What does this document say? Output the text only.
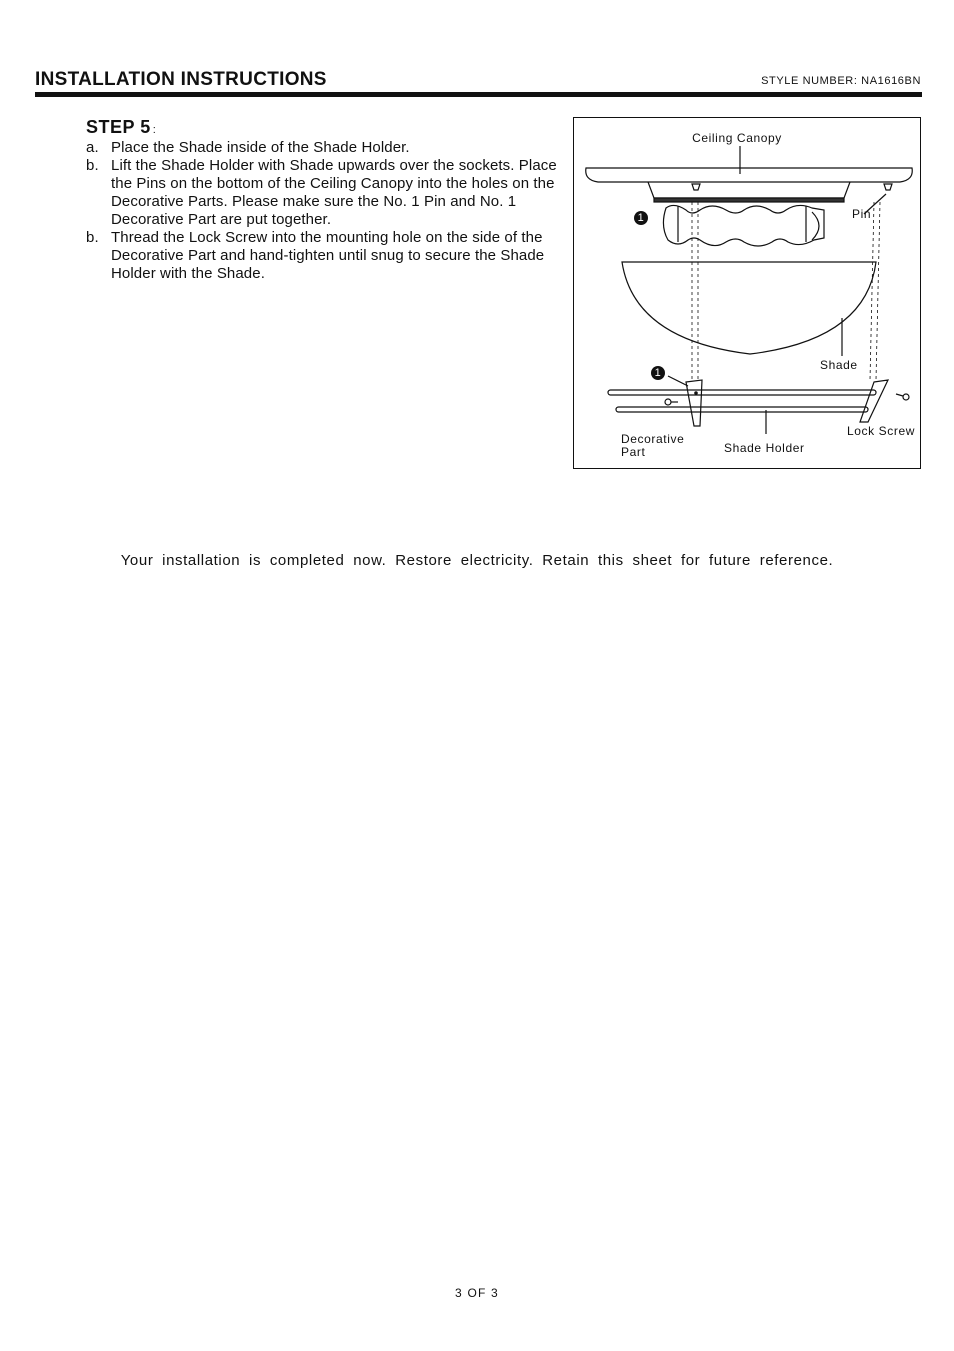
INSTALLATION INSTRUCTIONS	STYLE NUMBER: NA1616BN
STEP 5 :
a. Place the Shade inside of the Shade Holder.
b. Lift the Shade Holder with Shade upwards over the sockets. Place the Pins on the bottom of the Ceiling Canopy into the holes on the Decorative Parts. Please make sure the No. 1 Pin and No. 1 Decorative Part are put together.
b. Thread the Lock Screw into the mounting hole on the side of the Decorative Part and hand-tighten until snug to secure the Shade Holder with the Shade.
Ceiling Canopy
Pin
Shade
Lock Screw
Decorative
Part	Shade Holder
1
1
Your installation is completed now. Restore electricity. Retain this sheet for future reference.
3 OF 3
